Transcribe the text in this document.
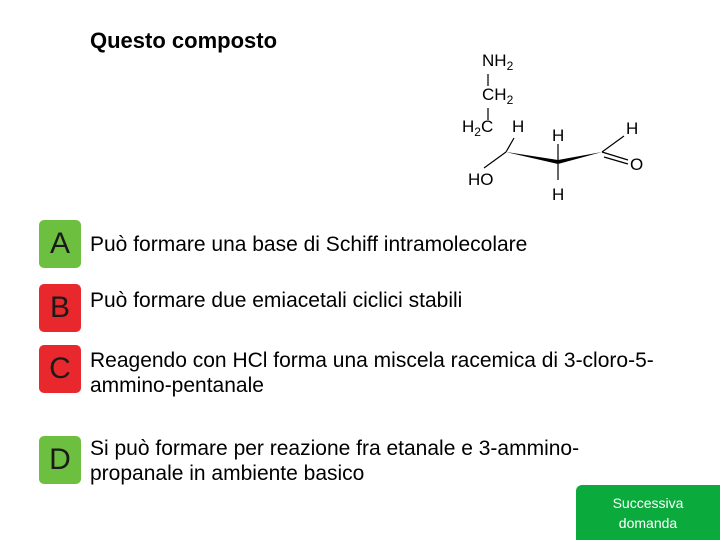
Questo composto
$NH_2$
$CH_2$
$H_2C$ H H	H
O
HO
H
A Può formare una base di Schiff intramolecolare
B Può formare due emiacetali ciclici stabili
C Reagendo con HCl forma una miscela racemica di 3-cloro-5-ammino-pentanale
D Si può formare per reazione fra etanale e 3-ammino-propanale in ambiente basico
Successiva domanda
